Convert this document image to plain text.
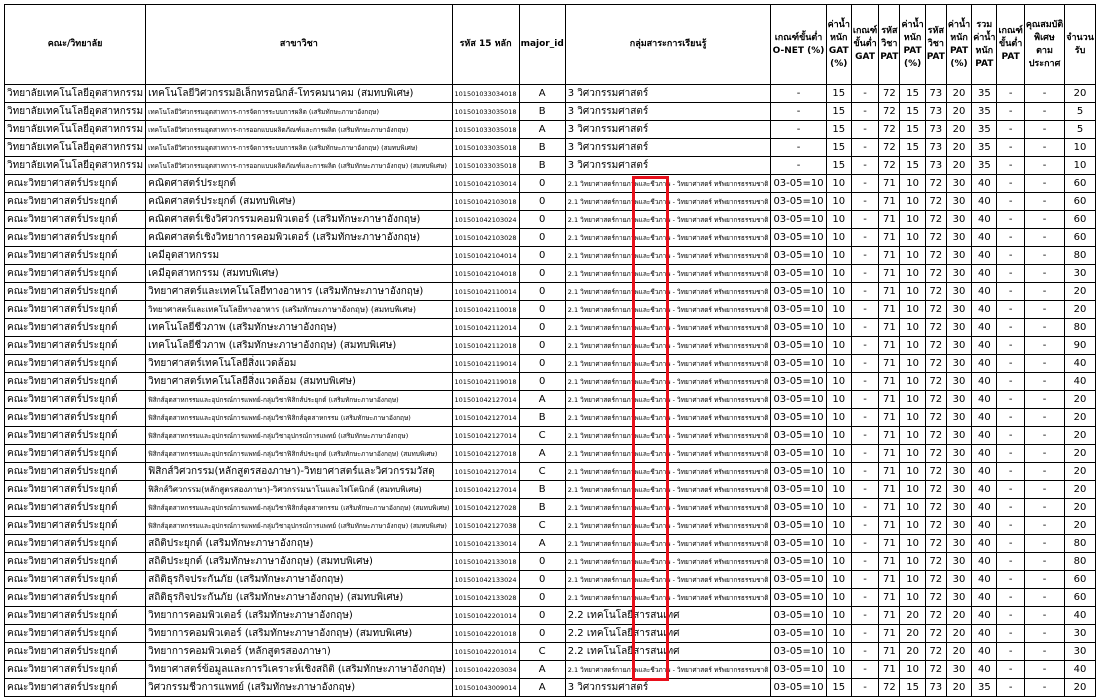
คณะ/วิทยาลัย	สาขาวิชา	รหัส 15 หลัก	major_id	กลุ่มสาระการเรียนรู้	เกณฑ์ขั้นต่ำ O-NET (%)	ค่าน้ำหนัก GAT (%)	เกณฑ์ขั้นต่ำ GAT	รหัสวิชา PAT	ค่าน้ำหนัก PAT (%)	รหัสวิชา PAT	ค่าน้ำหนัก PAT (%)	รวมค่าน้ำหนัก PAT	เกณฑ์ขั้นต่ำ PAT	คุณสมบัติพิเศษตามประกาศ	จำนวนรับ
วิทยาลัยเทคโนโลยีอุตสาหกรรม	เทคโนโลยีวิศวกรรมอิเล็กทรอนิกส์-โทรคมนาคม (สมทบพิเศษ)	101501033034018	A	3 วิศวกรรมศาสตร์	-	15	-	72	15	73	20	35	-	-	20
วิทยาลัยเทคโนโลยีอุตสาหกรรม	เทคโนโลยีวิศวกรรมอุตสาหการ-การจัดการระบบการผลิต (เสริมทักษะภาษาอังกฤษ)	101501033035018	B	3 วิศวกรรมศาสตร์	-	15	-	72	15	73	20	35	-	-	5
วิทยาลัยเทคโนโลยีอุตสาหกรรม	เทคโนโลยีวิศวกรรมอุตสาหการ-การออกแบบผลิตภัณฑ์และการผลิต (เสริมทักษะภาษาอังกฤษ)	101501033035018	A	3 วิศวกรรมศาสตร์	-	15	-	72	15	73	20	35	-	-	5
วิทยาลัยเทคโนโลยีอุตสาหกรรม	เทคโนโลยีวิศวกรรมอุตสาหการ-การจัดการระบบการผลิต (เสริมทักษะภาษาอังกฤษ) (สมทบพิเศษ)	101501033035018	B	3 วิศวกรรมศาสตร์	-	15	-	72	15	73	20	35	-	-	10
วิทยาลัยเทคโนโลยีอุตสาหกรรม	เทคโนโลยีวิศวกรรมอุตสาหการ-การออกแบบผลิตภัณฑ์และการผลิต (เสริมทักษะภาษาอังกฤษ) (สมทบพิเศษ)	101501033035018	B	3 วิศวกรรมศาสตร์	-	15	-	72	15	73	20	35	-	-	10
คณะวิทยาศาสตร์ประยุกต์	คณิตศาสตร์ประยุกต์	101501042103014	0	2.1 วิทยาศาสตร์กายภาพและชีวภาพ - วิทยาศาสตร์ ทรัพยากรธรรมชาติ	03-05=10	10	-	71	10	72	30	40	-	-	60
คณะวิทยาศาสตร์ประยุกต์	คณิตศาสตร์ประยุกต์ (สมทบพิเศษ)	101501042103018	0	2.1 วิทยาศาสตร์กายภาพและชีวภาพ - วิทยาศาสตร์ ทรัพยากรธรรมชาติ	03-05=10	10	-	71	10	72	30	40	-	-	60
คณะวิทยาศาสตร์ประยุกต์	คณิตศาสตร์เชิงวิศวกรรมคอมพิวเตอร์ (เสริมทักษะภาษาอังกฤษ)	101501042103024	0	2.1 วิทยาศาสตร์กายภาพและชีวภาพ - วิทยาศาสตร์ ทรัพยากรธรรมชาติ	03-05=10	10	-	71	10	72	30	40	-	-	60
คณะวิทยาศาสตร์ประยุกต์	คณิตศาสตร์เชิงวิทยาการคอมพิวเตอร์ (เสริมทักษะภาษาอังกฤษ)	101501042103028	0	2.1 วิทยาศาสตร์กายภาพและชีวภาพ - วิทยาศาสตร์ ทรัพยากรธรรมชาติ	03-05=10	10	-	71	10	72	30	40	-	-	60
คณะวิทยาศาสตร์ประยุกต์	เคมีอุตสาหกรรม	101501042104014	0	2.1 วิทยาศาสตร์กายภาพและชีวภาพ - วิทยาศาสตร์ ทรัพยากรธรรมชาติ	03-05=10	10	-	71	10	72	30	40	-	-	80
คณะวิทยาศาสตร์ประยุกต์	เคมีอุตสาหกรรม (สมทบพิเศษ)	101501042104018	0	2.1 วิทยาศาสตร์กายภาพและชีวภาพ - วิทยาศาสตร์ ทรัพยากรธรรมชาติ	03-05=10	10	-	71	10	72	30	40	-	-	30
คณะวิทยาศาสตร์ประยุกต์	วิทยาศาสตร์และเทคโนโลยีทางอาหาร (เสริมทักษะภาษาอังกฤษ)	101501042110014	0	2.1 วิทยาศาสตร์กายภาพและชีวภาพ - วิทยาศาสตร์ ทรัพยากรธรรมชาติ	03-05=10	10	-	71	10	72	30	40	-	-	20
คณะวิทยาศาสตร์ประยุกต์	วิทยาศาสตร์และเทคโนโลยีทางอาหาร (เสริมทักษะภาษาอังกฤษ) (สมทบพิเศษ)	101501042110018	0	2.1 วิทยาศาสตร์กายภาพและชีวภาพ - วิทยาศาสตร์ ทรัพยากรธรรมชาติ	03-05=10	10	-	71	10	72	30	40	-	-	20
คณะวิทยาศาสตร์ประยุกต์	เทคโนโลยีชีวภาพ (เสริมทักษะภาษาอังกฤษ)	101501042112014	0	2.1 วิทยาศาสตร์กายภาพและชีวภาพ - วิทยาศาสตร์ ทรัพยากรธรรมชาติ	03-05=10	10	-	71	10	72	30	40	-	-	80
คณะวิทยาศาสตร์ประยุกต์	เทคโนโลยีชีวภาพ (เสริมทักษะภาษาอังกฤษ) (สมทบพิเศษ)	101501042112018	0	2.1 วิทยาศาสตร์กายภาพและชีวภาพ - วิทยาศาสตร์ ทรัพยากรธรรมชาติ	03-05=10	10	-	71	10	72	30	40	-	-	90
คณะวิทยาศาสตร์ประยุกต์	วิทยาศาสตร์เทคโนโลยีสิ่งแวดล้อม	101501042119014	0	2.1 วิทยาศาสตร์กายภาพและชีวภาพ - วิทยาศาสตร์ ทรัพยากรธรรมชาติ	03-05=10	10	-	71	10	72	30	40	-	-	40
คณะวิทยาศาสตร์ประยุกต์	วิทยาศาสตร์เทคโนโลยีสิ่งแวดล้อม (สมทบพิเศษ)	101501042119018	0	2.1 วิทยาศาสตร์กายภาพและชีวภาพ - วิทยาศาสตร์ ทรัพยากรธรรมชาติ	03-05=10	10	-	71	10	72	30	40	-	-	40
คณะวิทยาศาสตร์ประยุกต์	ฟิสิกส์อุตสาหกรรมและอุปกรณ์การแพทย์-กลุ่มวิชาฟิสิกส์ประยุกต์ (เสริมทักษะภาษาอังกฤษ)	101501042127014	A	2.1 วิทยาศาสตร์กายภาพและชีวภาพ - วิทยาศาสตร์ ทรัพยากรธรรมชาติ	03-05=10	10	-	71	10	72	30	40	-	-	20
คณะวิทยาศาสตร์ประยุกต์	ฟิสิกส์อุตสาหกรรมและอุปกรณ์การแพทย์-กลุ่มวิชาฟิสิกส์อุตสาหกรรม (เสริมทักษะภาษาอังกฤษ)	101501042127014	B	2.1 วิทยาศาสตร์กายภาพและชีวภาพ - วิทยาศาสตร์ ทรัพยากรธรรมชาติ	03-05=10	10	-	71	10	72	30	40	-	-	20
คณะวิทยาศาสตร์ประยุกต์	ฟิสิกส์อุตสาหกรรมและอุปกรณ์การแพทย์-กลุ่มวิชาอุปกรณ์การแพทย์ (เสริมทักษะภาษาอังกฤษ)	101501042127014	C	2.1 วิทยาศาสตร์กายภาพและชีวภาพ - วิทยาศาสตร์ ทรัพยากรธรรมชาติ	03-05=10	10	-	71	10	72	30	40	-	-	20
คณะวิทยาศาสตร์ประยุกต์	ฟิสิกส์อุตสาหกรรมและอุปกรณ์การแพทย์-กลุ่มวิชาฟิสิกส์ประยุกต์ (เสริมทักษะภาษาอังกฤษ) (สมทบพิเศษ)	101501042127018	A	2.1 วิทยาศาสตร์กายภาพและชีวภาพ - วิทยาศาสตร์ ทรัพยากรธรรมชาติ	03-05=10	10	-	71	10	72	30	40	-	-	20
คณะวิทยาศาสตร์ประยุกต์	ฟิสิกส์วิศวกรรม(หลักสูตรสองภาษา)-วิทยาศาสตร์และวิศวกรรมวัสดุ	101501042127014	C	2.1 วิทยาศาสตร์กายภาพและชีวภาพ - วิทยาศาสตร์ ทรัพยากรธรรมชาติ	03-05=10	10	-	71	10	72	30	40	-	-	20
คณะวิทยาศาสตร์ประยุกต์	ฟิสิกส์วิศวกรรม(หลักสูตรสองภาษา)-วิศวกรรมนาโนและไฟโตนิกส์ (สมทบพิเศษ)	101501042127014	B	2.1 วิทยาศาสตร์กายภาพและชีวภาพ - วิทยาศาสตร์ ทรัพยากรธรรมชาติ	03-05=10	10	-	71	10	72	30	40	-	-	20
คณะวิทยาศาสตร์ประยุกต์	ฟิสิกส์อุตสาหกรรมและอุปกรณ์การแพทย์-กลุ่มวิชาฟิสิกส์อุตสาหกรรม (เสริมทักษะภาษาอังกฤษ) (สมทบพิเศษ)	101501042127028	B	2.1 วิทยาศาสตร์กายภาพและชีวภาพ - วิทยาศาสตร์ ทรัพยากรธรรมชาติ	03-05=10	10	-	71	10	72	30	40	-	-	20
คณะวิทยาศาสตร์ประยุกต์	ฟิสิกส์อุตสาหกรรมและอุปกรณ์การแพทย์-กลุ่มวิชาอุปกรณ์การแพทย์ (เสริมทักษะภาษาอังกฤษ) (สมทบพิเศษ)	101501042127038	C	2.1 วิทยาศาสตร์กายภาพและชีวภาพ - วิทยาศาสตร์ ทรัพยากรธรรมชาติ	03-05=10	10	-	71	10	72	30	40	-	-	20
คณะวิทยาศาสตร์ประยุกต์	สถิติประยุกต์ (เสริมทักษะภาษาอังกฤษ)	101501042133014	A	2.1 วิทยาศาสตร์กายภาพและชีวภาพ - วิทยาศาสตร์ ทรัพยากรธรรมชาติ	03-05=10	10	-	71	10	72	30	40	-	-	80
คณะวิทยาศาสตร์ประยุกต์	สถิติประยุกต์ (เสริมทักษะภาษาอังกฤษ) (สมทบพิเศษ)	101501042133018	0	2.1 วิทยาศาสตร์กายภาพและชีวภาพ - วิทยาศาสตร์ ทรัพยากรธรรมชาติ	03-05=10	10	-	71	10	72	30	40	-	-	80
คณะวิทยาศาสตร์ประยุกต์	สถิติธุรกิจประกันภัย (เสริมทักษะภาษาอังกฤษ)	101501042133024	0	2.1 วิทยาศาสตร์กายภาพและชีวภาพ - วิทยาศาสตร์ ทรัพยากรธรรมชาติ	03-05=10	10	-	71	10	72	30	40	-	-	60
คณะวิทยาศาสตร์ประยุกต์	สถิติธุรกิจประกันภัย (เสริมทักษะภาษาอังกฤษ) (สมทบพิเศษ)	101501042133028	0	2.1 วิทยาศาสตร์กายภาพและชีวภาพ - วิทยาศาสตร์ ทรัพยากรธรรมชาติ	03-05=10	10	-	71	10	72	30	40	-	-	60
คณะวิทยาศาสตร์ประยุกต์	วิทยาการคอมพิวเตอร์ (เสริมทักษะภาษาอังกฤษ)	101501042201014	0	2.2 เทคโนโลยีสารสนเทศ	03-05=10	10	-	71	20	72	20	40	-	-	40
คณะวิทยาศาสตร์ประยุกต์	วิทยาการคอมพิวเตอร์ (เสริมทักษะภาษาอังกฤษ) (สมทบพิเศษ)	101501042201018	0	2.2 เทคโนโลยีสารสนเทศ	03-05=10	10	-	71	20	72	20	40	-	-	30
คณะวิทยาศาสตร์ประยุกต์	วิทยาการคอมพิวเตอร์ (หลักสูตรสองภาษา)	101501042201014	C	2.2 เทคโนโลยีสารสนเทศ	03-05=10	10	-	71	20	72	20	40	-	-	30
คณะวิทยาศาสตร์ประยุกต์	วิทยาศาสตร์ข้อมูลและการวิเคราะห์เชิงสถิติ (เสริมทักษะภาษาอังกฤษ)	101501042203034	A	2.1 วิทยาศาสตร์กายภาพและชีวภาพ - วิทยาศาสตร์ ทรัพยากรธรรมชาติ	03-05=10	10	-	71	10	72	30	40	-	-	40
คณะวิทยาศาสตร์ประยุกต์	วิศวกรรมชีวการแพทย์ (เสริมทักษะภาษาอังกฤษ)	101501043009014	A	3 วิศวกรรมศาสตร์	03-05=10	15	-	72	15	73	20	35	-	-	20
